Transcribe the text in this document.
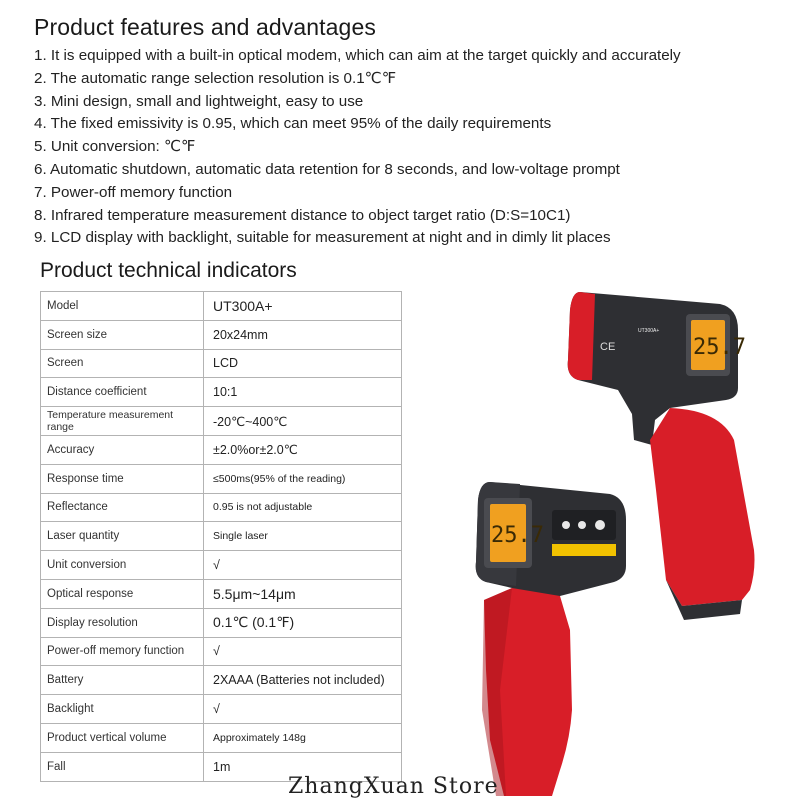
Product features and advantages
1. It is equipped with a built-in optical modem, which can aim at the target quickly and accurately
2. The automatic range selection resolution is 0.1℃℉
3. Mini design, small and lightweight, easy to use
4. The fixed emissivity is 0.95, which can meet 95% of the daily requirements
5. Unit conversion: ℃℉
6. Automatic shutdown, automatic data retention for 8 seconds, and low-voltage prompt
7. Power-off memory function
8. Infrared temperature measurement distance to object target ratio (D:S=10C1)
9. LCD display with backlight, suitable for measurement at night and in dimly lit places
Product technical indicators
Model	UT300A+
Screen size	20x24mm
Screen	LCD
Distance coefficient	10:1
Temperature measurement range	-20℃~400℃
Accuracy	±2.0%or±2.0℃
Response time	≤500ms(95% of the reading)
Reflectance	0.95 is not adjustable
Laser quantity	Single laser
Unit conversion	√
Optical response	5.5μm~14μm
Display resolution	0.1℃ (0.1℉)
Power-off memory function	√
Battery	2XAAA (Batteries not included)
Backlight	√
Product vertical volume	Approximately 148g
Fall	1m
25.7
UT300A+
CE
25.7
ZhangXuan Store
